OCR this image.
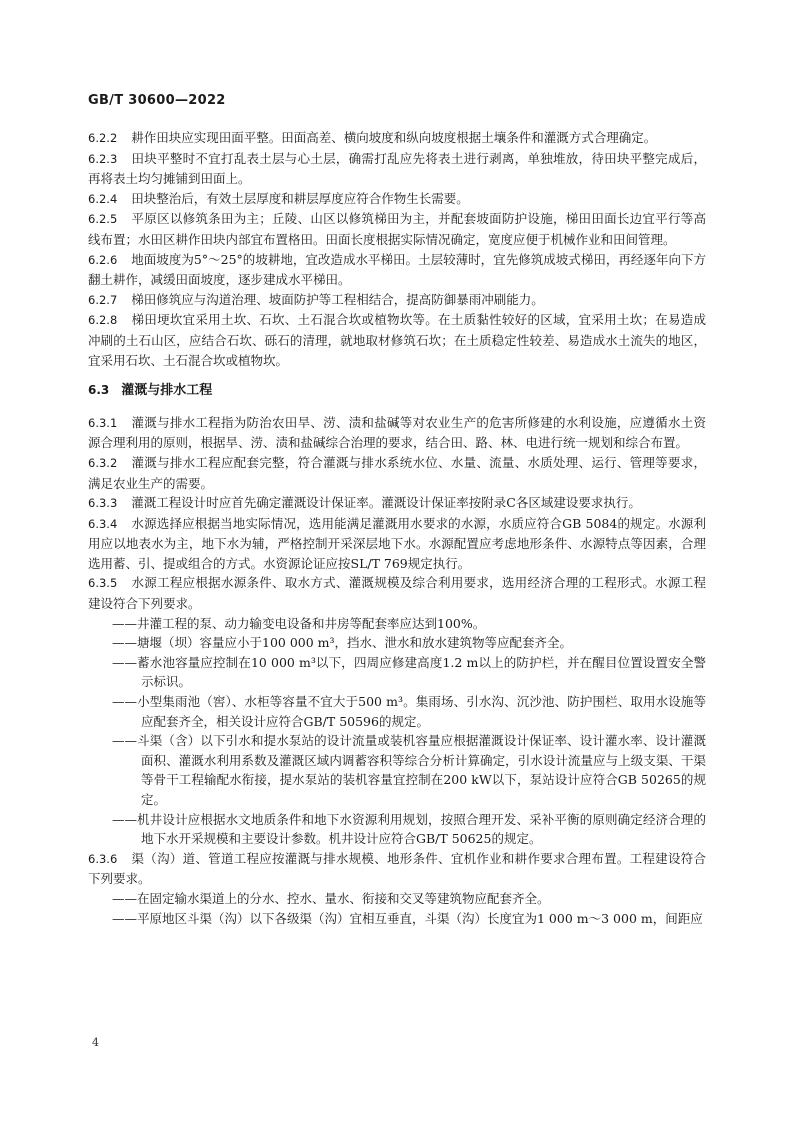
GB/T 30600—2022

6.2.2 耕作田块应实现田面平整。田面高差、横向坡度和纵向坡度根据土壤条件和灌溉方式合理确定。

6.2.3 田块平整时不宜打乱表土层与心土层，确需打乱应先将表土进行剥离，单独堆放，待田块平整完成后，再将表土均匀摊铺到田面上。

6.2.4 田块整治后，有效土层厚度和耕层厚度应符合作物生长需要。

6.2.5 平原区以修筑条田为主；丘陵、山区以修筑梯田为主，并配套坡面防护设施，梯田田面长边宜平行等高线布置；水田区耕作田块内部宜布置格田。田面长度根据实际情况确定，宽度应便于机械作业和田间管理。

6.2.6 地面坡度为5°～25°的坡耕地，宜改造成水平梯田。土层较薄时，宜先修筑成坡式梯田，再经逐年向下方翻土耕作，减缓田面坡度，逐步建成水平梯田。

6.2.7 梯田修筑应与沟道治理、坡面防护等工程相结合，提高防御暴雨冲刷能力。

6.2.8 梯田埂坎宜采用土坎、石坎、土石混合坎或植物坎等。在土质黏性较好的区域，宜采用土坎；在易造成冲刷的土石山区，应结合石坎、砾石的清理，就地取材修筑石坎；在土质稳定性较差、易造成水土流失的地区，宜采用石坎、土石混合坎或植物坎。

6.3 灌溉与排水工程

6.3.1 灌溉与排水工程指为防治农田旱、涝、渍和盐碱等对农业生产的危害所修建的水利设施，应遵循水土资源合理利用的原则，根据旱、涝、渍和盐碱综合治理的要求，结合田、路、林、电进行统一规划和综合布置。

6.3.2 灌溉与排水工程应配套完整，符合灌溉与排水系统水位、水量、流量、水质处理、运行、管理等要求，满足农业生产的需要。

6.3.3 灌溉工程设计时应首先确定灌溉设计保证率。灌溉设计保证率按附录C各区域建设要求执行。

6.3.4 水源选择应根据当地实际情况，选用能满足灌溉用水要求的水源，水质应符合GB 5084的规定。水源利用应以地表水为主，地下水为辅，严格控制开采深层地下水。水源配置应考虑地形条件、水源特点等因素，合理选用蓄、引、提或组合的方式。水资源论证应按SL/T 769规定执行。

6.3.5 水源工程应根据水源条件、取水方式、灌溉规模及综合利用要求，选用经济合理的工程形式。水源工程建设符合下列要求。

——井灌工程的泵、动力输变电设备和井房等配套率应达到100%。

——塘堰（坝）容量应小于100 000 m³，挡水、泄水和放水建筑物等应配套齐全。

——蓄水池容量应控制在10 000 m³以下，四周应修建高度1.2 m以上的防护栏，并在醒目位置设置安全警示标识。

——小型集雨池（窖）、水柜等容量不宜大于500 m³。集雨场、引水沟、沉沙池、防护围栏、取用水设施等应配套齐全，相关设计应符合GB/T 50596的规定。

——斗渠（含）以下引水和提水泵站的设计流量或装机容量应根据灌溉设计保证率、设计灌水率、设计灌溉面积、灌溉水利用系数及灌溉区域内调蓄容积等综合分析计算确定，引水设计流量应与上级支渠、干渠等骨干工程输配水衔接，提水泵站的装机容量宜控制在200 kW以下，泵站设计应符合GB 50265的规定。

——机井设计应根据水文地质条件和地下水资源利用规划，按照合理开发、采补平衡的原则确定经济合理的地下水开采规模和主要设计参数。机井设计应符合GB/T 50625的规定。

6.3.6 渠（沟）道、管道工程应按灌溉与排水规模、地形条件、宜机作业和耕作要求合理布置。工程建设符合下列要求。

——在固定输水渠道上的分水、控水、量水、衔接和交叉等建筑物应配套齐全。

——平原地区斗渠（沟）以下各级渠（沟）宜相互垂直，斗渠（沟）长度宜为1 000 m～3 000 m，间距应

4
